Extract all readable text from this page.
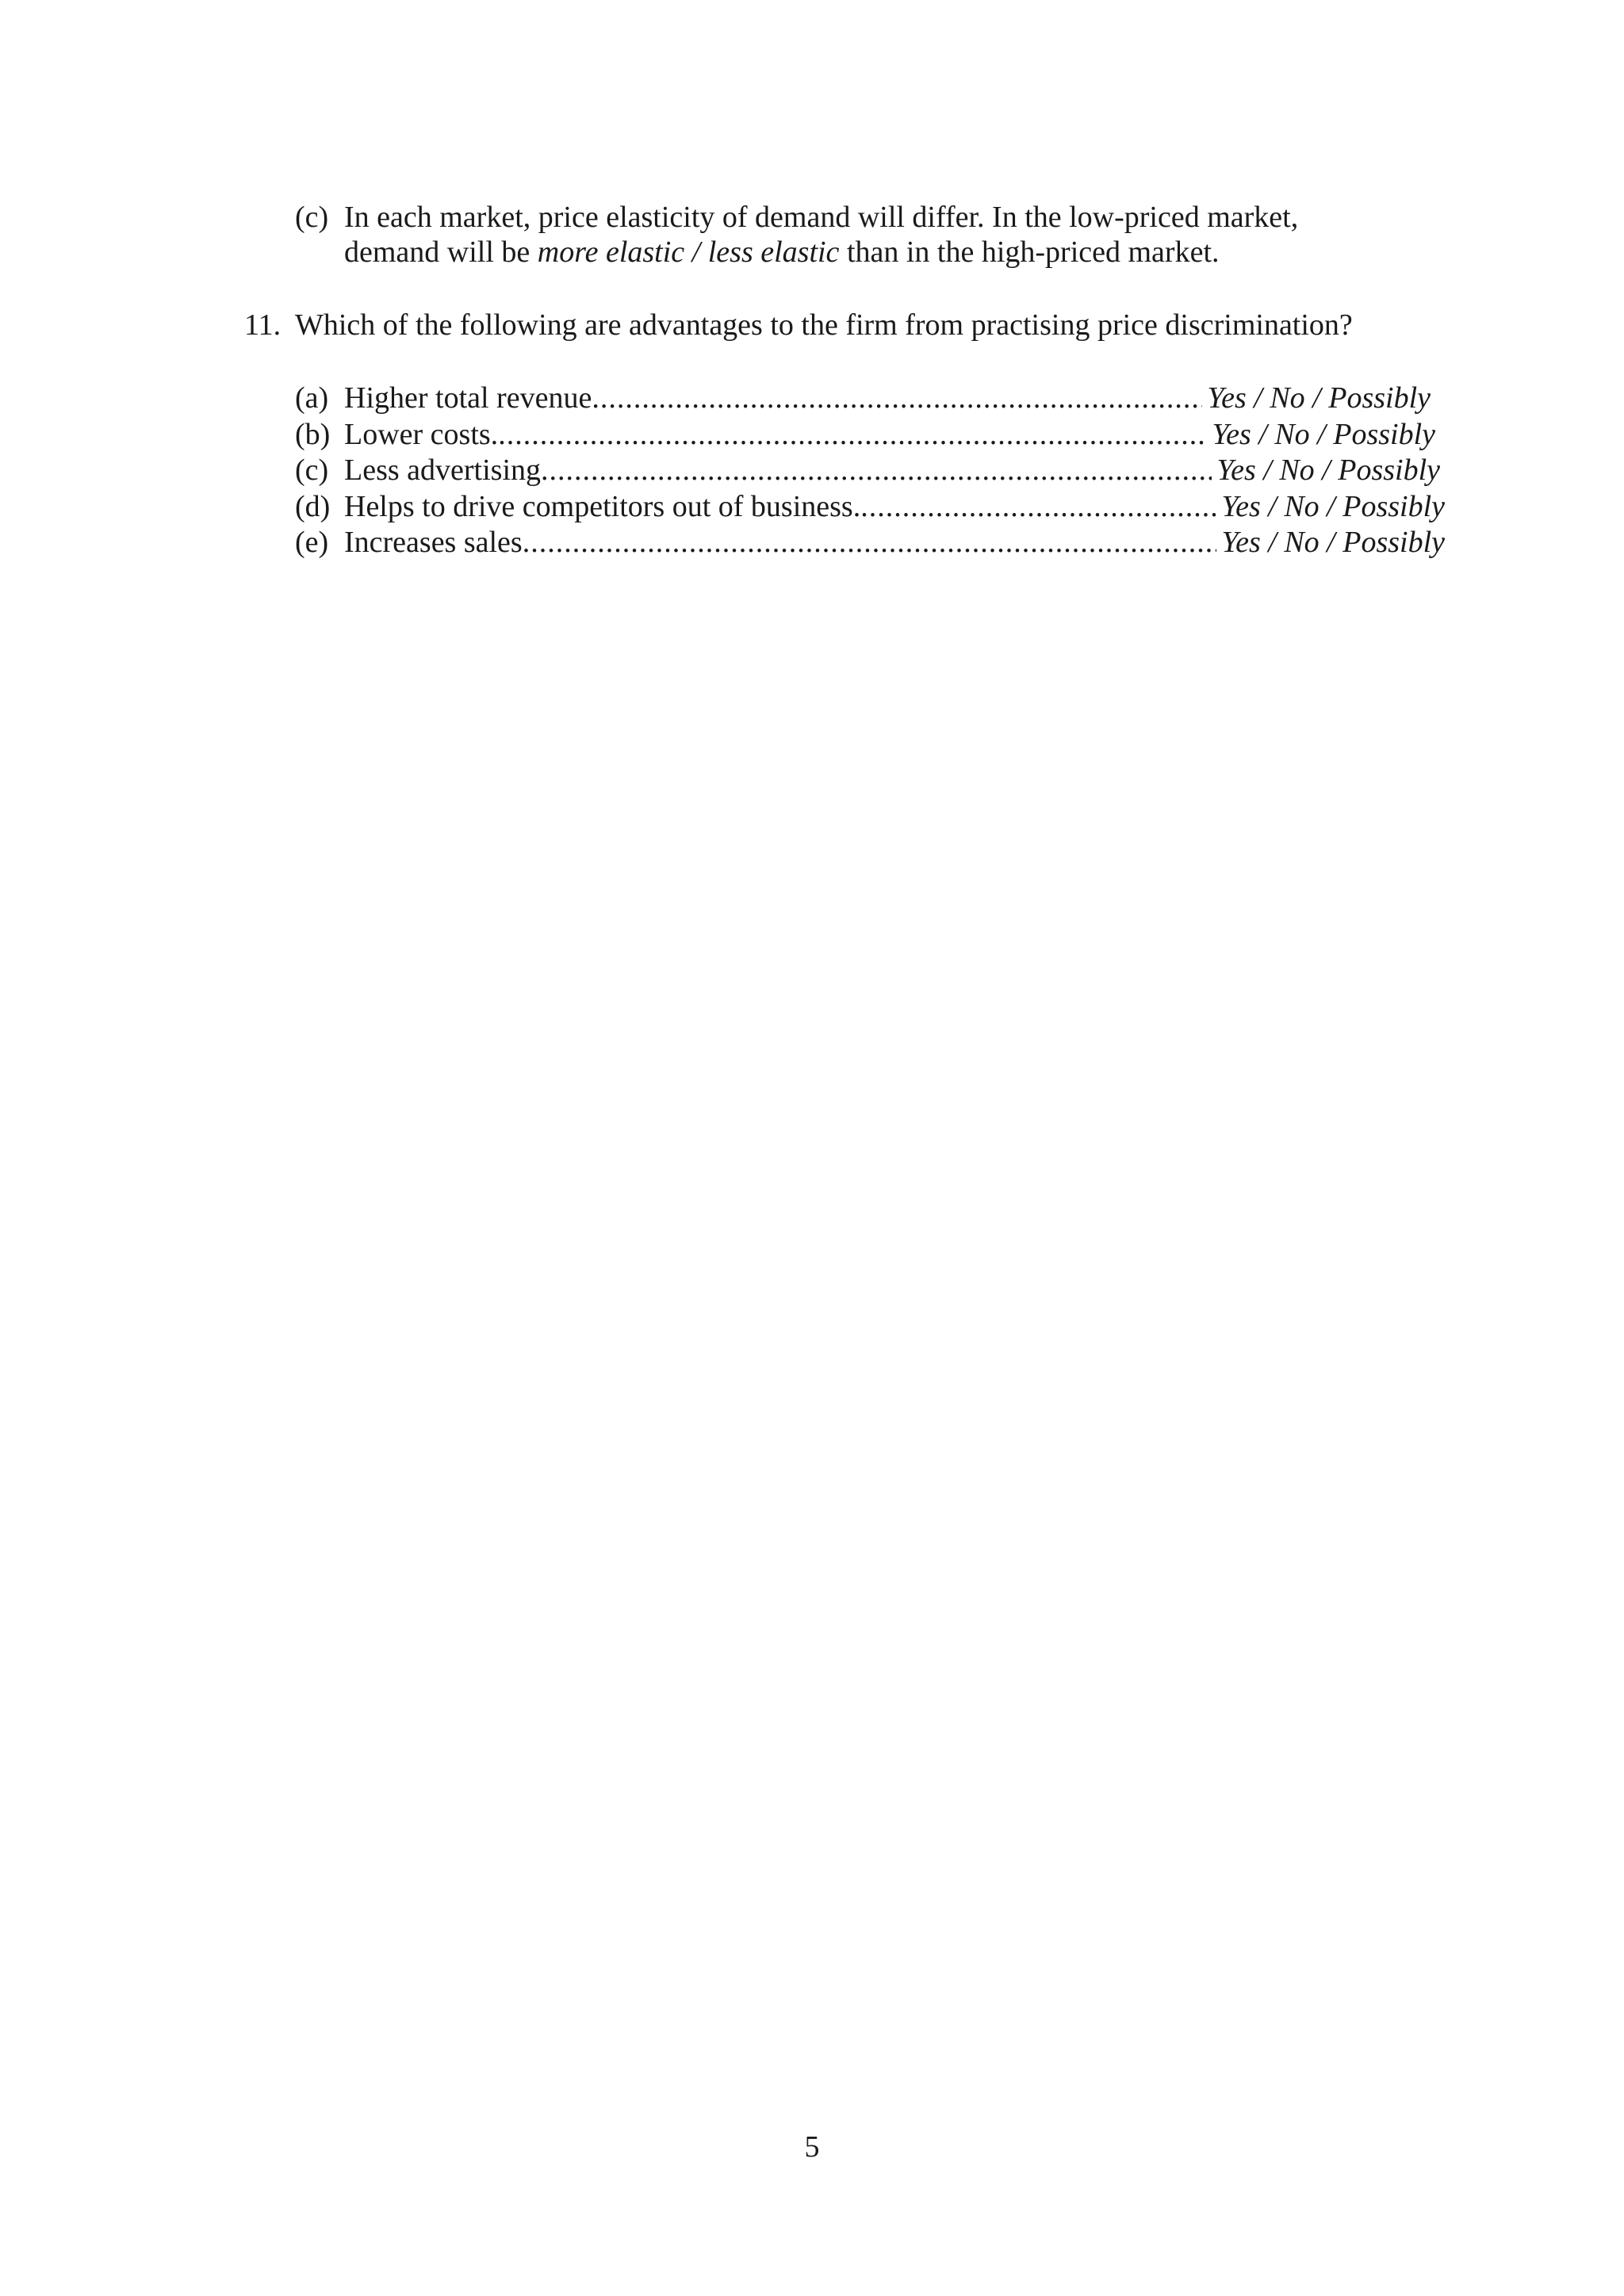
(c) In each market, price elasticity of demand will differ. In the low-priced market,
demand will be more elastic / less elastic than in the high-priced market.
11. Which of the following are advantages to the firm from practising price discrimination?
(a) Higher total revenue .....	Yes / No / Possibly
(b) Lower costs. .....	Yes / No / Possibly
(c) Less advertising .....	Yes / No / Possibly
(d) Helps to drive competitors out of business. .....	Yes / No / Possibly
(e) Increases sales .....	Yes / No / Possibly
5
